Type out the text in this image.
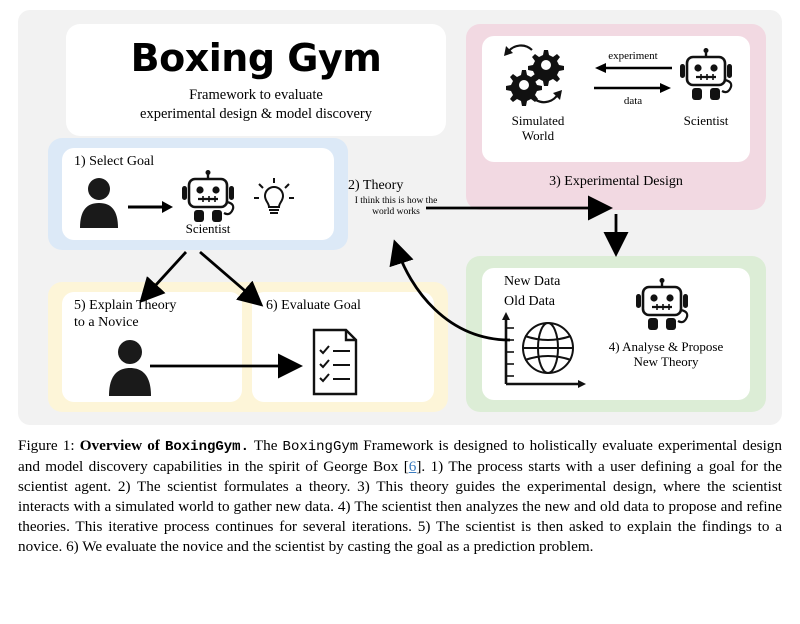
Boxing Gym
Framework to evaluate
experimental design & model discovery
1) Select Goal
Scientist
2) Theory
I think this is how the
world works
Simulated
World
experiment
data
Scientist
3) Experimental Design
New Data
Old Data
4) Analyse & Propose
New Theory
5) Explain Theory
to a Novice
6) Evaluate Goal
Figure 1: Overview of BoxingGym. The BoxingGym Framework is designed to holistically evaluate experimental design and model discovery capabilities in the spirit of George Box [6]. 1) The process starts with a user defining a goal for the scientist agent. 2) The scientist formulates a theory. 3) This theory guides the experimental design, where the scientist interacts with a simulated world to gather new data. 4) The scientist then analyzes the new and old data to propose and refine theories. This iterative process continues for several iterations. 5) The scientist is then asked to explain the findings to a novice. 6) We evaluate the novice and the scientist by casting the goal as a prediction problem.
